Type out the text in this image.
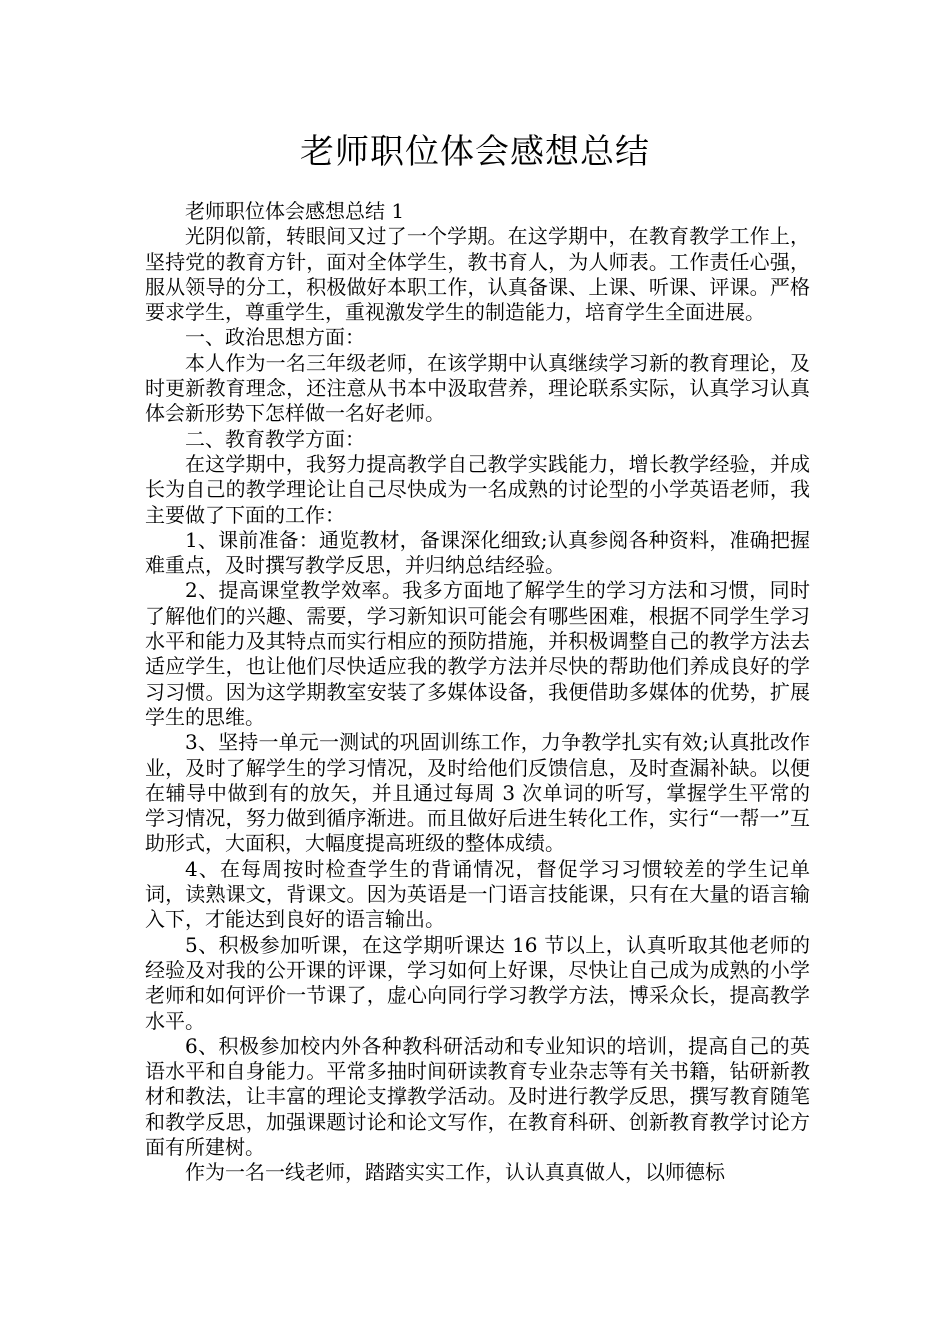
老师职位体会感想总结

老师职位体会感想总结 1

光阴似箭，转眼间又过了一个学期。在这学期中，在教育教学工作上，坚持党的教育方针，面对全体学生，教书育人，为人师表。工作责任心强，服从领导的分工，积极做好本职工作，认真备课、上课、听课、评课。严格要求学生，尊重学生，重视激发学生的制造能力，培育学生全面进展。

一、政治思想方面：

本人作为一名三年级老师，在该学期中认真继续学习新的教育理论，及时更新教育理念，还注意从书本中汲取营养，理论联系实际，认真学习认真体会新形势下怎样做一名好老师。

二、教育教学方面：

在这学期中，我努力提高教学自己教学实践能力，增长教学经验，并成长为自己的教学理论让自己尽快成为一名成熟的讨论型的小学英语老师，我主要做了下面的工作：

1、课前准备：通览教材，备课深化细致;认真参阅各种资料，准确把握难重点，及时撰写教学反思，并归纳总结经验。

2、提高课堂教学效率。我多方面地了解学生的学习方法和习惯，同时了解他们的兴趣、需要，学习新知识可能会有哪些困难，根据不同学生学习水平和能力及其特点而实行相应的预防措施，并积极调整自己的教学方法去适应学生，也让他们尽快适应我的教学方法并尽快的帮助他们养成良好的学习习惯。因为这学期教室安装了多媒体设备，我便借助多媒体的优势，扩展学生的思维。

3、坚持一单元一测试的巩固训练工作，力争教学扎实有效;认真批改作业，及时了解学生的学习情况，及时给他们反馈信息，及时查漏补缺。以便在辅导中做到有的放矢，并且通过每周 3 次单词的听写，掌握学生平常的学习情况，努力做到循序渐进。而且做好后进生转化工作，实行“一帮一”互助形式，大面积，大幅度提高班级的整体成绩。

4、在每周按时检查学生的背诵情况，督促学习习惯较差的学生记单词，读熟课文，背课文。因为英语是一门语言技能课，只有在大量的语言输入下，才能达到良好的语言输出。

5、积极参加听课，在这学期听课达 16 节以上，认真听取其他老师的经验及对我的公开课的评课，学习如何上好课，尽快让自己成为成熟的小学老师和如何评价一节课了，虚心向同行学习教学方法，博采众长，提高教学水平。

6、积极参加校内外各种教科研活动和专业知识的培训，提高自己的英语水平和自身能力。平常多抽时间研读教育专业杂志等有关书籍，钻研新教材和教法，让丰富的理论支撑教学活动。及时进行教学反思，撰写教育随笔和教学反思，加强课题讨论和论文写作，在教育科研、创新教育教学讨论方面有所建树。

作为一名一线老师，踏踏实实工作，认认真真做人，以师德标
